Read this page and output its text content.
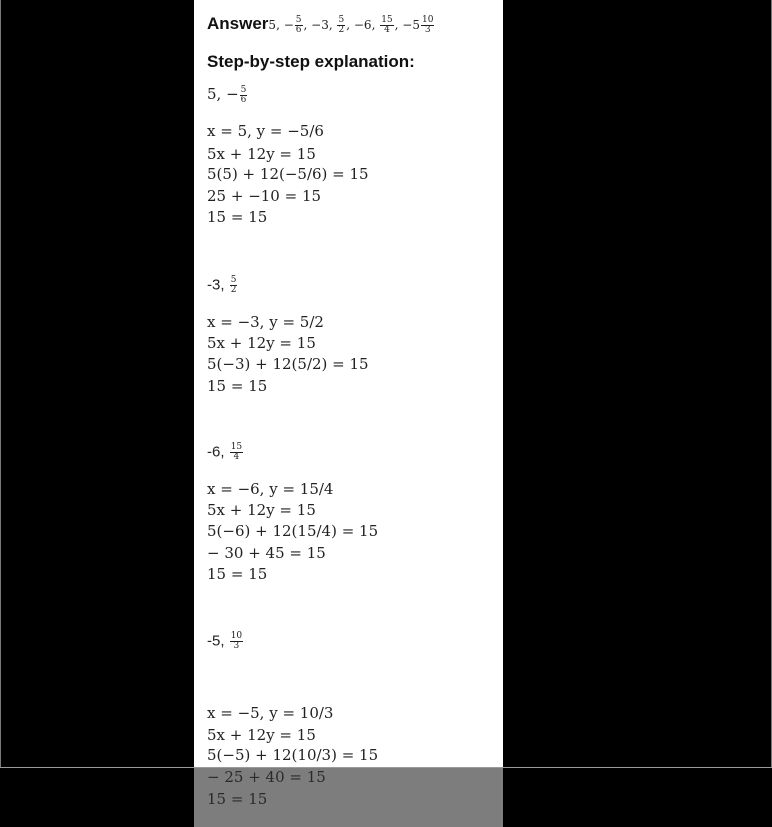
Answer5, − $\frac{5}{6}$ , −3, $\frac{5}{2}$ , −6, $\frac{15}{4}$ , $-5 \frac{10}{3}$
Step-by-step explanation:
5, − $\frac{5}{6}$
x = 5, y = −5/6
5x + 12y = 15
5(5) + 12(−5/6) = 15
25 + −10 = 15
15 = 15
-3, $\frac{5}{2}$
x = −3, y = 5/2
5x + 12y = 15
5(−3) + 12(5/2) = 15
15 = 15
-6, $\frac{15}{4}$
x = −6, y = 15/4
5x + 12y = 15
5(−6) + 12(15/4) = 15
− 30 + 45 = 15
15 = 15
-5, $\frac{10}{3}$
x = −5, y = 10/3
5x + 12y = 15
5(−5) + 12(10/3) = 15
− 25 + 40 = 15
15 = 15
